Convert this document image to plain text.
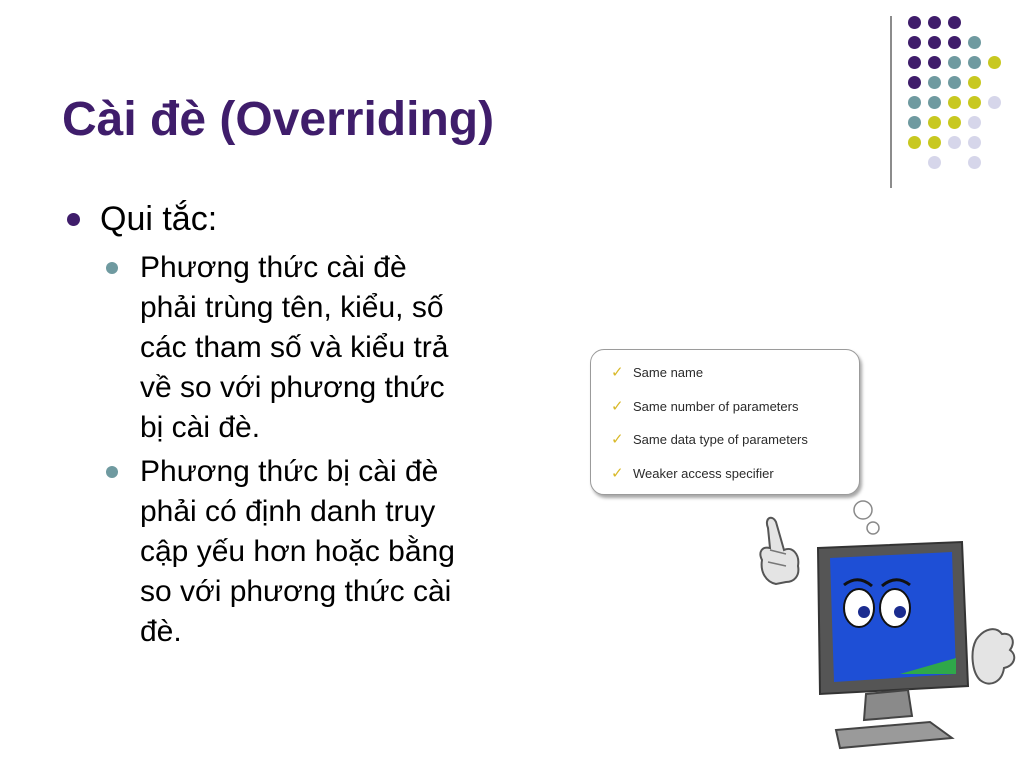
Cài đè (Overriding)
Qui tắc:
Phương thức cài đè
phải trùng tên, kiểu, số
các tham số và kiểu trả
về so với phương thức
bị cài đè.
Phương thức bị cài đè
phải có định danh truy
cập yếu hơn hoặc bằng
so với phương thức cài
đè.
✓ Same name
✓ Same number of parameters
✓ Same data type of parameters
✓ Weaker access specifier
